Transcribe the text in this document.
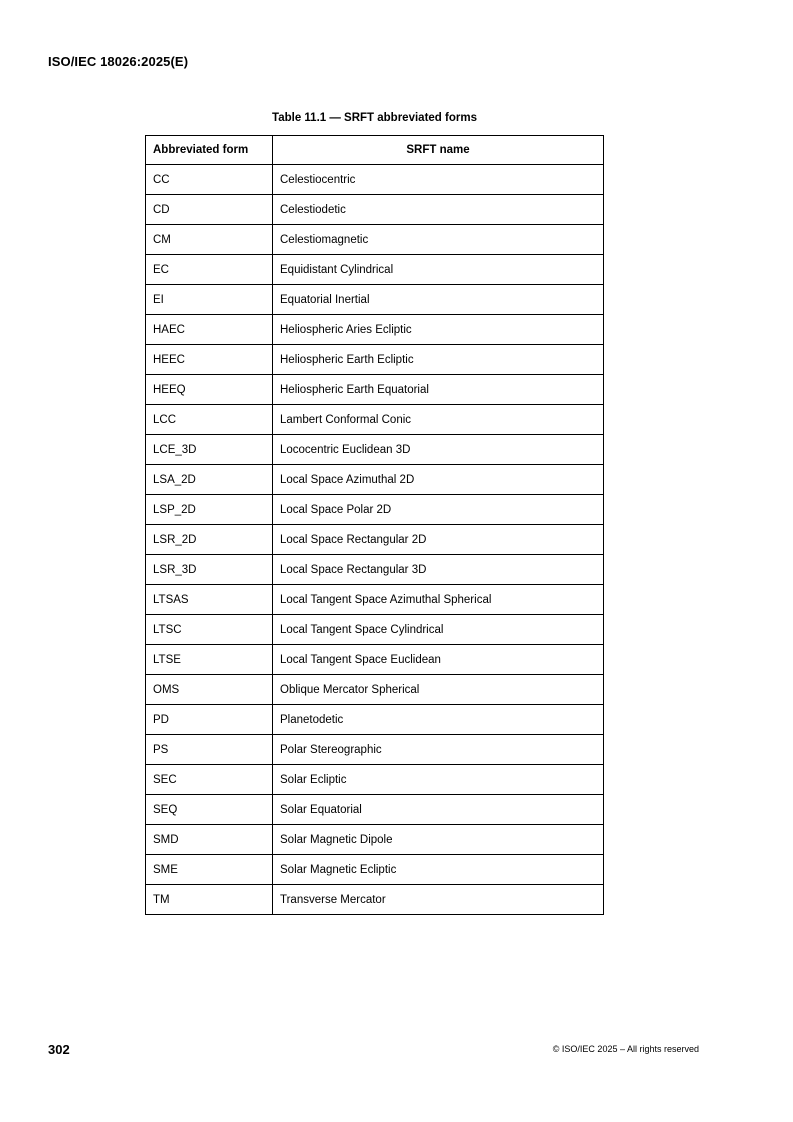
ISO/IEC 18026:2025(E)
Table 11.1 — SRFT abbreviated forms
Abbreviated form	SRFT name
CC	Celestiocentric
CD	Celestiodetic
CM	Celestiomagnetic
EC	Equidistant Cylindrical
EI	Equatorial Inertial
HAEC	Heliospheric Aries Ecliptic
HEEC	Heliospheric Earth Ecliptic
HEEQ	Heliospheric Earth Equatorial
LCC	Lambert Conformal Conic
LCE_3D	Lococentric Euclidean 3D
LSA_2D	Local Space Azimuthal 2D
LSP_2D	Local Space Polar 2D
LSR_2D	Local Space Rectangular 2D
LSR_3D	Local Space Rectangular 3D
LTSAS	Local Tangent Space Azimuthal Spherical
LTSC	Local Tangent Space Cylindrical
LTSE	Local Tangent Space Euclidean
OMS	Oblique Mercator Spherical
PD	Planetodetic
PS	Polar Stereographic
SEC	Solar Ecliptic
SEQ	Solar Equatorial
SMD	Solar Magnetic Dipole
SME	Solar Magnetic Ecliptic
TM	Transverse Mercator
302	© ISO/IEC 2025 – All rights reserved
